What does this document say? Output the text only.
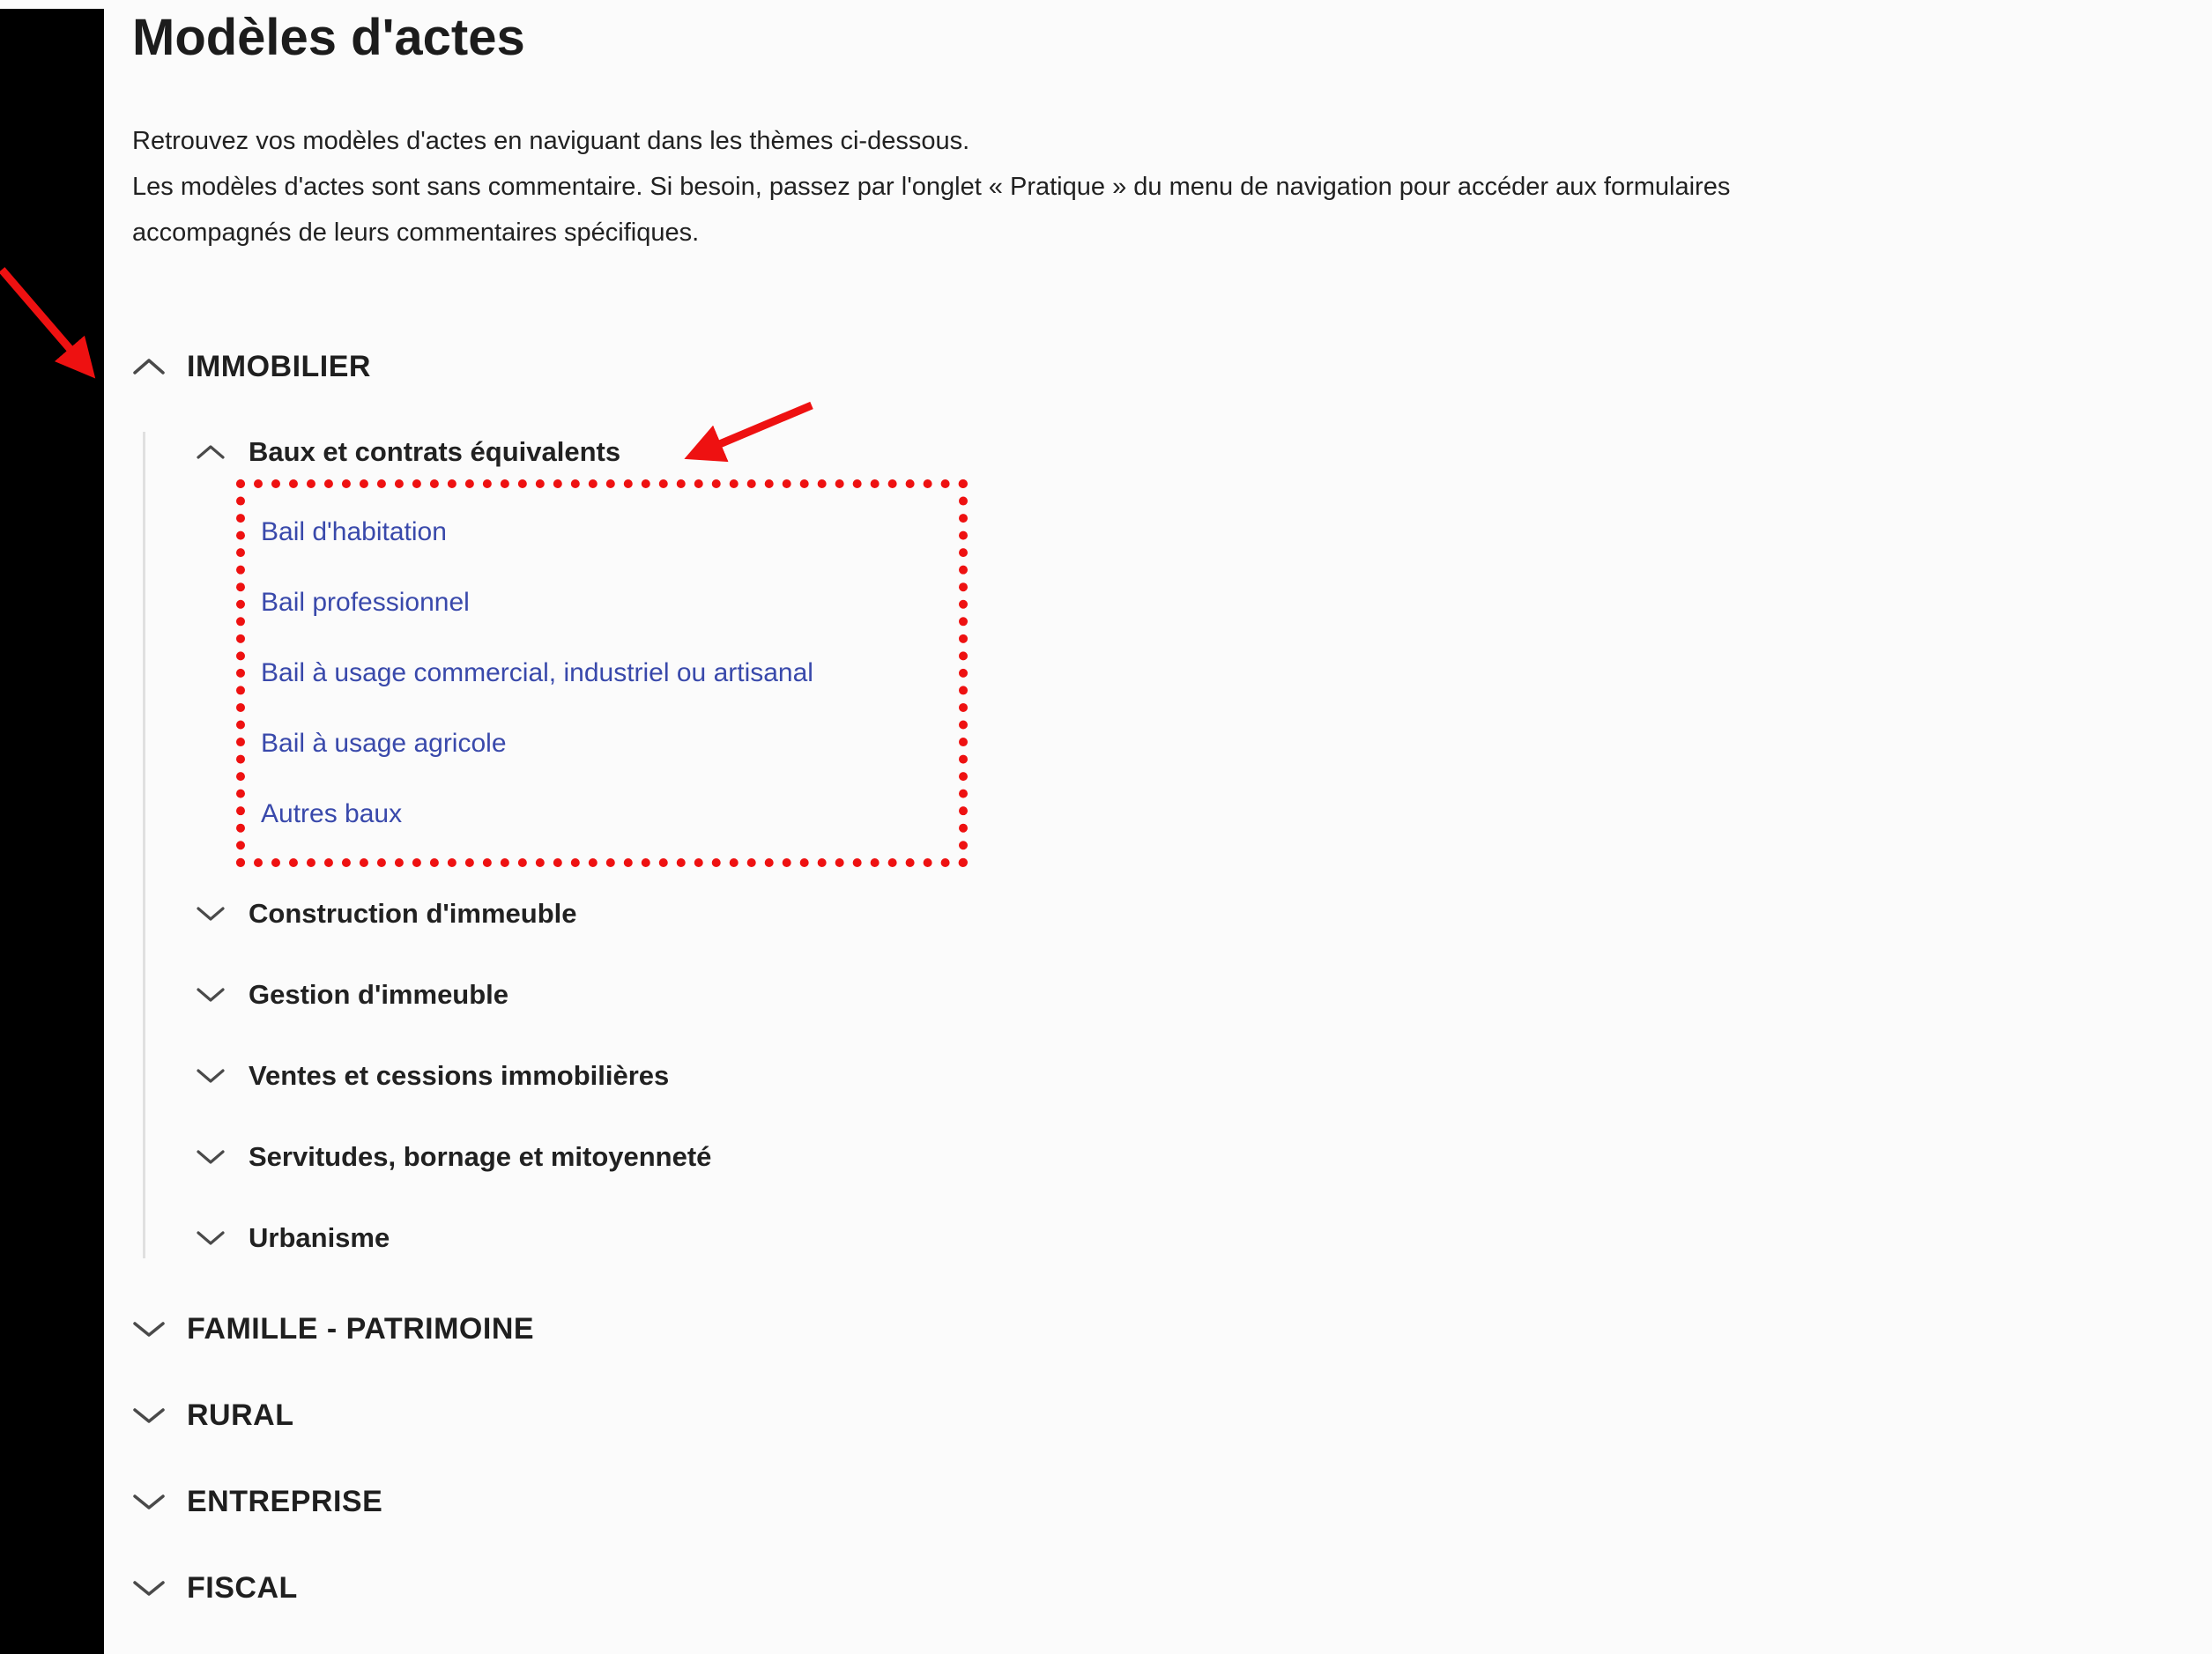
Modèles d'actes
Retrouvez vos modèles d'actes en naviguant dans les thèmes ci-dessous.
Les modèles d'actes sont sans commentaire. Si besoin, passez par l'onglet « Pratique » du menu de navigation pour accéder aux formulaires
accompagnés de leurs commentaires spécifiques.
IMMOBILIER
Baux et contrats équivalents
Bail d'habitation
Bail professionnel
Bail à usage commercial, industriel ou artisanal
Bail à usage agricole
Autres baux
Construction d'immeuble
Gestion d'immeuble
Ventes et cessions immobilières
Servitudes, bornage et mitoyenneté
Urbanisme
FAMILLE - PATRIMOINE
RURAL
ENTREPRISE
FISCAL
